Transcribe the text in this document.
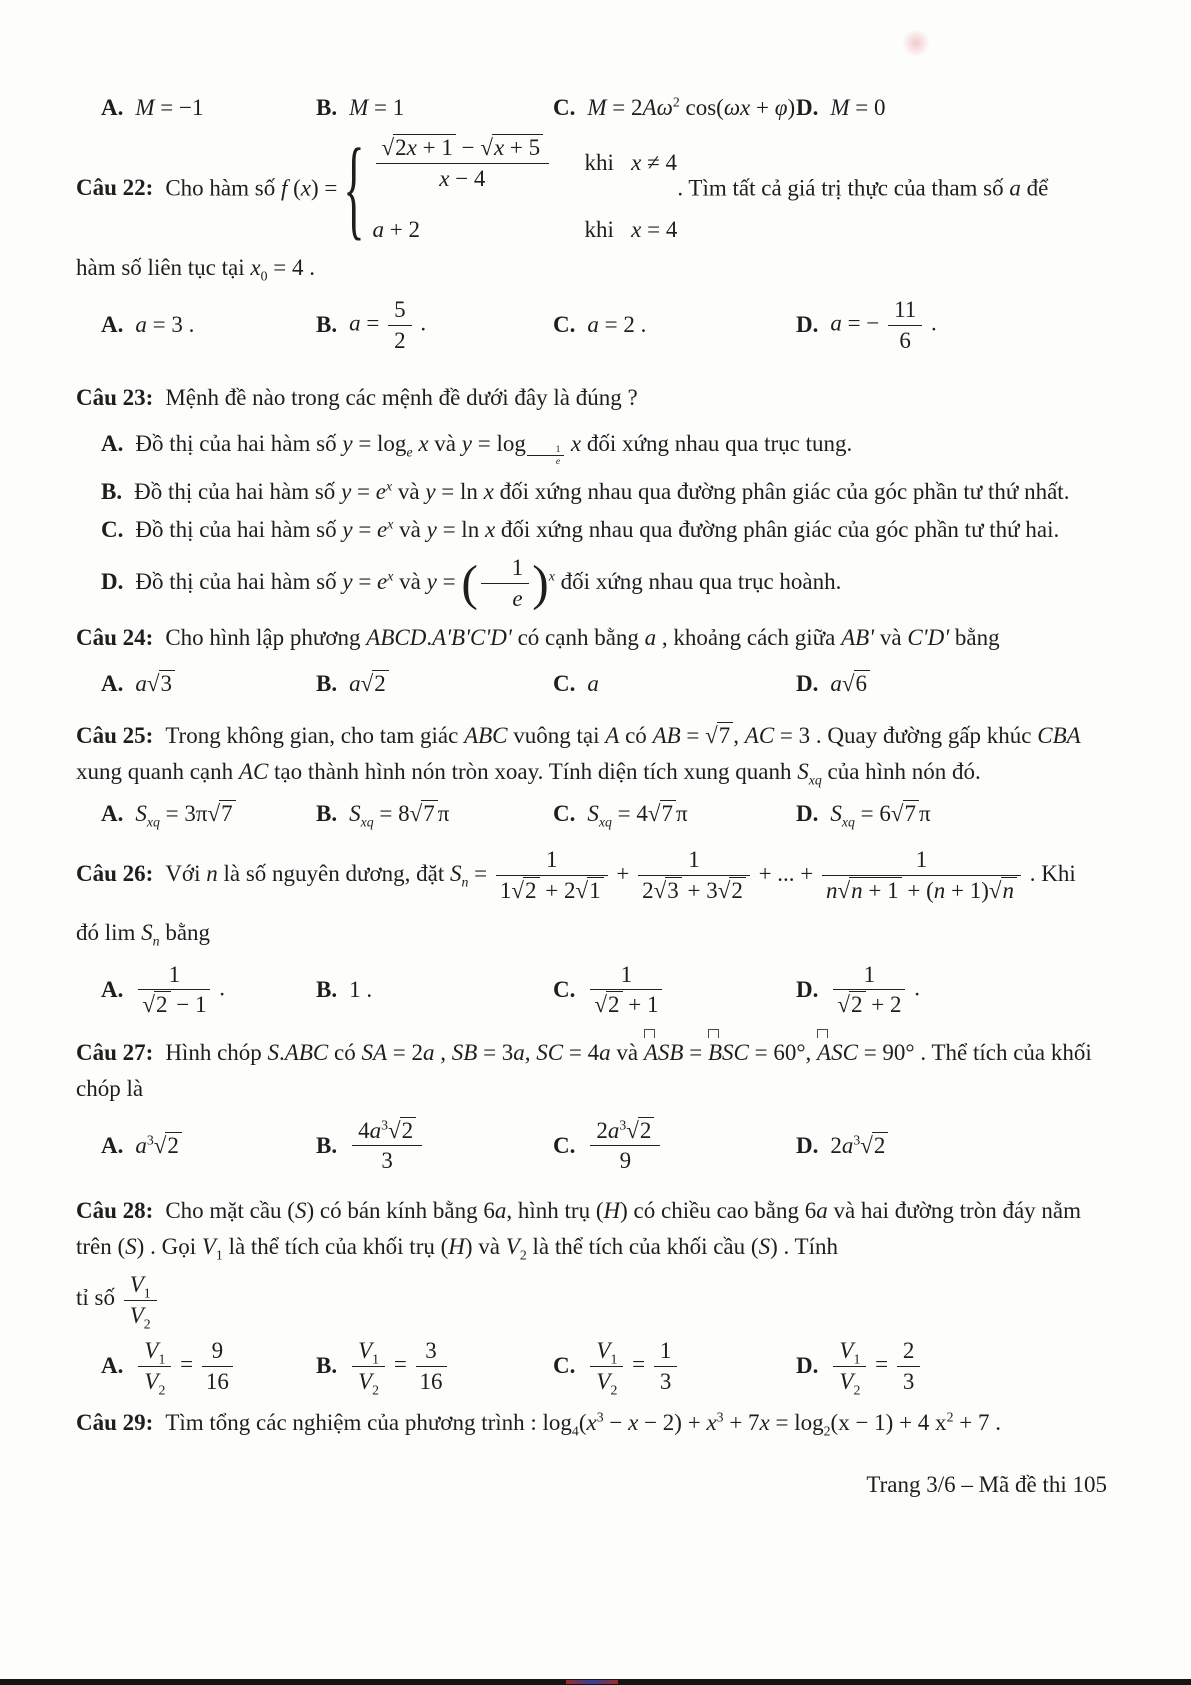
A. M = −1	B. M = 1	C. $M = 2A\omega^2$ cos(ωx + φ) D. M = 0

Câu 22: Cho hàm số f (x) = { $\frac{√2x + 1 - √x + 5}{x - 4}$ khi   x ≠ 4
a + 2	khi   x = 4
. Tìm tất cả giá trị thực của tham số a để

hàm số liên tục tại $x_0 = 4$ .

A. a = 3 .	B. $a = \frac{5}{2}$ .	C. a = 2 .	D. a = − $\frac{11}{6}$ .

Câu 23: Mệnh đề nào trong các mệnh đề dưới đây là đúng ?

A. Đồ thị của hai hàm số $y = \log_e x$ và y = log $_{\frac{1}{e}}$ x đối xứng nhau qua trục tung.

B. Đồ thị của hai hàm số $y = e^x$ và y = ln x đối xứng nhau qua đường phân giác của góc phần tư thứ nhất.

C. Đồ thị của hai hàm số $y = e^x$ và y = ln x đối xứng nhau qua đường phân giác của góc phần tư thứ hai.

D. Đồ thị của hai hàm số $y = e^x$ và y = ( $\frac{1}{e} )^x$ đối xứng nhau qua trục hoành.

Câu 24: Cho hình lập phương ABCD.A'B'C'D' có cạnh bằng a , khoảng cách giữa AB' và C'D' bằng

A. a√3	B. a√2	C. a	D. a√6

Câu 25: Trong không gian, cho tam giác ABC vuông tại A có AB = √7 , AC = 3 . Quay đường gấp khúc CBA xung quanh cạnh AC tạo thành hình nón tròn xoay. Tính diện tích xung quanh $S_{xq}$ của hình nón đó.

A. $S_{xq} = 3\pi√7$	B. $S_{xq} = 8√7$ π	C. $S_{xq} = 4√7$ π	D. $S_{xq} = 6√7$ π

Câu 26: Với n là số nguyên dương, đặt $S_n = \frac{1}{1√2 + 2√1} + \frac{1}{2√3 + 3√2}$ + ... + $\frac{1}{n√n + 1 + (n + 1)√n}$ . Khi

đó $\lim S_n$ bằng

A. $\frac{1}{√2 - 1}$ .	B. 1 .	C. $\frac{1}{√2 + 1}$	D. $\frac{1}{√2 + 2}$ .

Câu 27: Hình chóp S.ABC có SA = 2a , SB = 3a, SC = 4a và ASB = BSC = 60°, ASC = 90° . Thể tích của khối chóp là

A. $a^3√2$	B. $\frac{4a^3√2}{3}$	C. $\frac{2a^3√2}{9}$	D. $2a^3√2$

Câu 28: Cho mặt cầu (S) có bán kính bằng 6a, hình trụ (H) có chiều cao bằng 6a và hai đường tròn đáy nằm trên (S) . Gọi $V_1$ là thể tích của khối trụ (H) và $V_2$ là thể tích của khối cầu (S) . Tính

tỉ số $\frac{V_1}{V_2}$

A. $\frac{V_1}{V_2} = \frac{9}{16}$	B. $\frac{V_1}{V_2} = \frac{3}{16}$	C. $\frac{V_1}{V_2} = \frac{1}{3}$	D. $\frac{V_1}{V_2} = \frac{2}{3}$

Câu 29: Tìm tổng các nghiệm của phương trình : $\log_4(x^3 - x - 2) + x^3 + 7x = \log_2(x - 1) + 4$ $x^2 + 7$ .

Trang 3/6 – Mã đề thi 105
